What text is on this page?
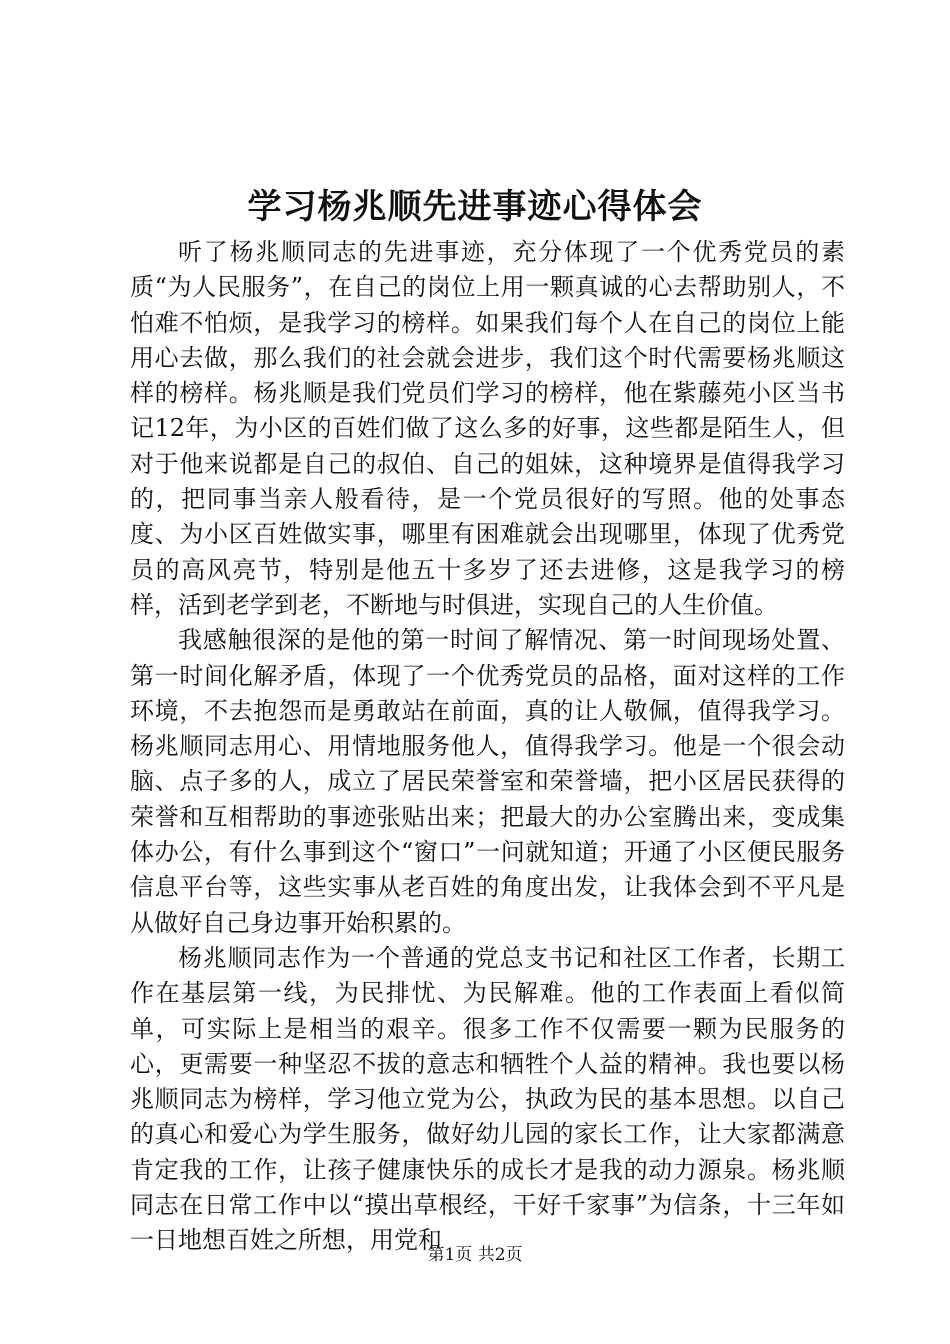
学习杨兆顺先进事迹心得体会

听了杨兆顺同志的先进事迹，充分体现了一个优秀党员的素质“为人民服务”，在自己的岗位上用一颗真诚的心去帮助别人，不怕难不怕烦，是我学习的榜样。如果我们每个人在自己的岗位上能用心去做，那么我们的社会就会进步，我们这个时代需要杨兆顺这样的榜样。杨兆顺是我们党员们学习的榜样，他在紫藤苑小区当书记12年，为小区的百姓们做了这么多的好事，这些都是陌生人，但对于他来说都是自己的叔伯、自己的姐妹，这种境界是值得我学习的，把同事当亲人般看待，是一个党员很好的写照。他的处事态度、为小区百姓做实事，哪里有困难就会出现哪里，体现了优秀党员的高风亮节，特别是他五十多岁了还去进修，这是我学习的榜样，活到老学到老，不断地与时俱进，实现自己的人生价值。

我感触很深的是他的第一时间了解情况、第一时间现场处置、第一时间化解矛盾，体现了一个优秀党员的品格，面对这样的工作环境，不去抱怨而是勇敢站在前面，真的让人敬佩，值得我学习。杨兆顺同志用心、用情地服务他人，值得我学习。他是一个很会动脑、点子多的人，成立了居民荣誉室和荣誉墙，把小区居民获得的荣誉和互相帮助的事迹张贴出来；把最大的办公室腾出来，变成集体办公，有什么事到这个“窗口”一问就知道；开通了小区便民服务信息平台等，这些实事从老百姓的角度出发，让我体会到不平凡是从做好自己身边事开始积累的。

杨兆顺同志作为一个普通的党总支书记和社区工作者，长期工作在基层第一线，为民排忧、为民解难。他的工作表面上看似简单，可实际上是相当的艰辛。很多工作不仅需要一颗为民服务的心，更需要一种坚忍不拔的意志和牺牲个人益的精神。我也要以杨兆顺同志为榜样，学习他立党为公，执政为民的基本思想。以自己的真心和爱心为学生服务，做好幼儿园的家长工作，让大家都满意肯定我的工作，让孩子健康快乐的成长才是我的动力源泉。杨兆顺同志在日常工作中以“摸出草根经，干好千家事”为信条，十三年如一日地想百姓之所想，用党和

第1页 共2页
